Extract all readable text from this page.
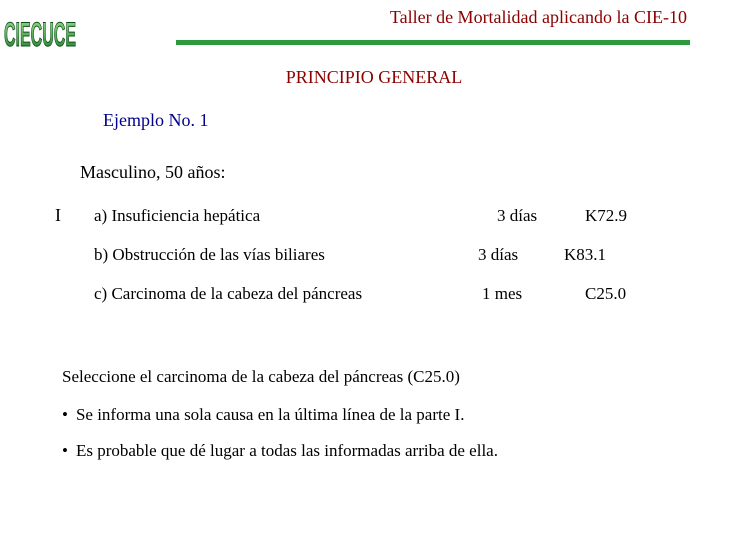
CIECUCE	Taller de Mortalidad aplicando la CIE-10
PRINCIPIO GENERAL
Ejemplo No. 1
Masculino, 50 años:
I a) Insuficiencia hepática	3 días	K72.9
b) Obstrucción de las vías biliares	3 días	K83.1
c) Carcinoma de la cabeza del páncreas	1 mes	C25.0
Seleccione el carcinoma de la cabeza del páncreas (C25.0)
• Se informa una sola causa en la última línea de la parte I.
• Es probable que dé lugar a todas las informadas arriba de ella.
